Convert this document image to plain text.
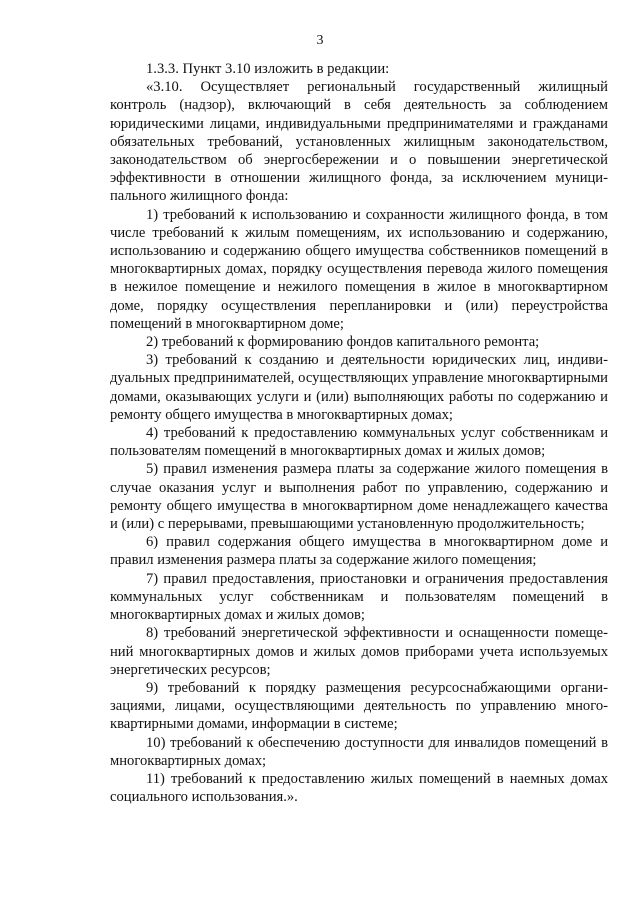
3

1.3.3. Пункт 3.10 изложить в редакции:

«3.10. Осуществляет региональный государственный жилищный контроль (надзор), включающий в себя деятельность за соблюдением юридическими лицами, индивидуальными предпринимателями и гражданами обязательных требований, установленных жилищным законодательством, законодательством об энергосбережении и о повышении энергетической эффективности в отношении жилищного фонда, за исключением муниципального жилищного фонда:

1) требований к использованию и сохранности жилищного фонда, в том числе требований к жилым помещениям, их использованию и содержанию, использованию и содержанию общего имущества собственников помещений в многоквартирных домах, порядку осуществления перевода жилого помещения в нежилое помещение и нежилого помещения в жилое в многоквартирном доме, порядку осуществления перепланировки и (или) переустройства помещений в многоквартирном доме;

2) требований к формированию фондов капитального ремонта;

3) требований к созданию и деятельности юридических лиц, индивидуальных предпринимателей, осуществляющих управление многоквартирными домами, оказывающих услуги и (или) выполняющих работы по содержанию и ремонту общего имущества в многоквартирных домах;

4) требований к предоставлению коммунальных услуг собственникам и пользователям помещений в многоквартирных домах и жилых домов;

5) правил изменения размера платы за содержание жилого помещения в случае оказания услуг и выполнения работ по управлению, содержанию и ремонту общего имущества в многоквартирном доме ненадлежащего качества и (или) с перерывами, превышающими установленную продолжительность;

6) правил содержания общего имущества в многоквартирном доме и правил изменения размера платы за содержание жилого помещения;

7) правил предоставления, приостановки и ограничения предоставления коммунальных услуг собственникам и пользователям помещений в многоквартирных домах и жилых домов;

8) требований энергетической эффективности и оснащенности помещений многоквартирных домов и жилых домов приборами учета используемых энергетических ресурсов;

9) требований к порядку размещения ресурсоснабжающими организациями, лицами, осуществляющими деятельность по управлению многоквартирными домами, информации в системе;

10) требований к обеспечению доступности для инвалидов помещений в многоквартирных домах;

11) требований к предоставлению жилых помещений в наемных домах социального использования.».
